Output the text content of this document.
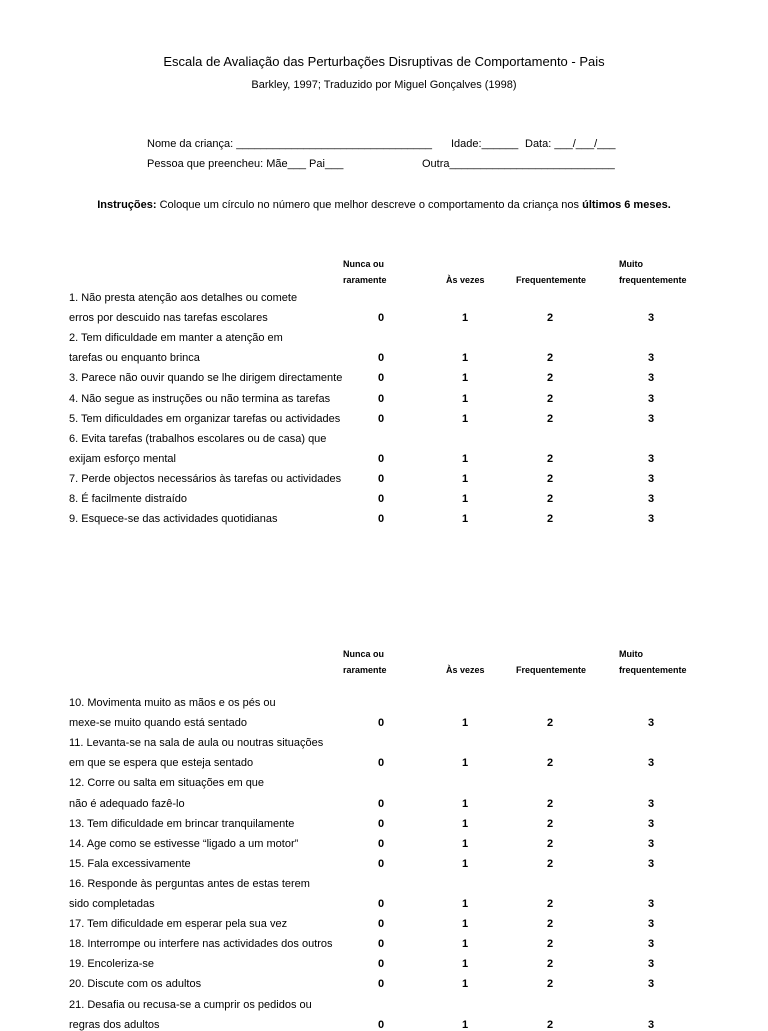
Escala de Avaliação das Perturbações Disruptivas de Comportamento - Pais
Barkley, 1997; Traduzido por Miguel Gonçalves (1998)
Nome da criança: ________________________________ Idade:______ Data: ___/___/___
Pessoa que preencheu: Mãe___ Pai___	Outra___________________________
Instruções: Coloque um círculo no número que melhor descreve o comportamento da criança nos últimos 6 meses.
Nunca ou
raramente	Às vezes	Frequentemente
Muito
frequentemente
1. Não presta atenção aos detalhes ou comete
erros por descuido nas tarefas escolares	0	1	2	3
2. Tem dificuldade em manter a atenção em
tarefas ou enquanto brinca	0	1	2	3
3. Parece não ouvir quando se lhe dirigem directamente	0	1	2	3
4. Não segue as instruções ou não termina as tarefas	0	1	2	3
5. Tem dificuldades em organizar tarefas ou actividades	0	1	2	3
6. Evita tarefas (trabalhos escolares ou de casa) que
exijam esforço mental	0	1	2	3
7. Perde objectos necessários às tarefas ou actividades	0	1	2	3
8. É facilmente distraído	0	1	2	3
9. Esquece-se das actividades quotidianas	0	1	2	3
Nunca ou
raramente	Às vezes	Frequentemente
Muito
frequentemente
10. Movimenta muito as mãos e os pés ou
mexe-se muito quando está sentado	0	1	2	3
11. Levanta-se na sala de aula ou noutras situações
em que se espera que esteja sentado	0	1	2	3
12. Corre ou salta em situações em que
não é adequado fazê-lo	0	1	2	3
13. Tem dificuldade em brincar tranquilamente	0	1	2	3
14. Age como se estivesse “ligado a um motor”	0	1	2	3
15. Fala excessivamente	0	1	2	3
16. Responde às perguntas antes de estas terem
sido completadas	0	1	2	3
17. Tem dificuldade em esperar pela sua vez	0	1	2	3
18. Interrompe ou interfere nas actividades dos outros	0	1	2	3
19. Encoleriza-se	0	1	2	3
20. Discute com os adultos	0	1	2	3
21. Desafia ou recusa-se a cumprir os pedidos ou
regras dos adultos	0	1	2	3
